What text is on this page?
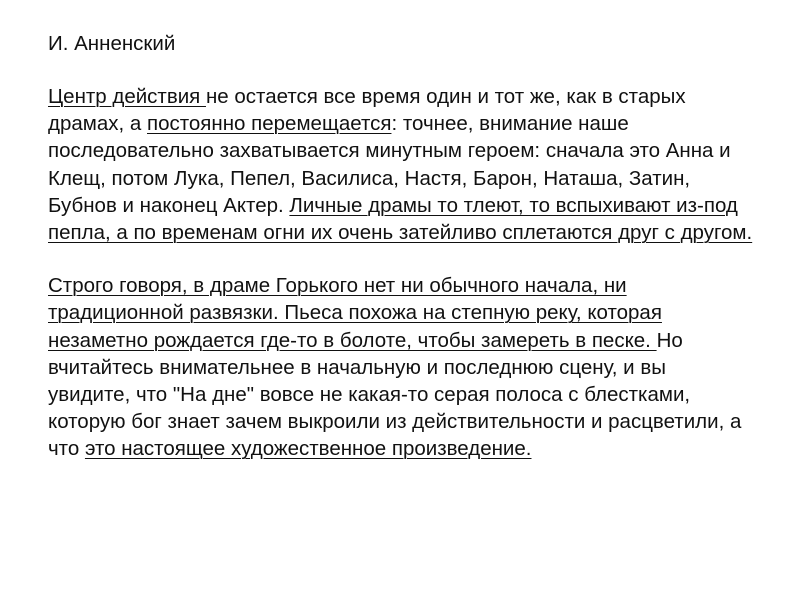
И. Анненский

Центр действия не остается все время один и тот же, как в старых драмах, а постоянно перемещается: точнее, внимание наше последовательно захватывается минутным героем: сначала это Анна и Клещ, потом Лука, Пепел, Василиса, Настя, Барон, Наташа, Затин, Бубнов и наконец Актер. Личные драмы то тлеют, то вспыхивают из-под пепла, а по временам огни их очень затейливо сплетаются друг с другом.

Строго говоря, в драме Горького нет ни обычного начала, ни традиционной развязки. Пьеса похожа на степную реку, которая незаметно рождается где-то в болоте, чтобы замереть в песке. Но вчитайтесь внимательнее в начальную и последнюю сцену, и вы увидите, что "На дне" вовсе не какая-то серая полоса с блестками, которую бог знает зачем выкроили из действительности и расцветили, а что это настоящее художественное произведение.
